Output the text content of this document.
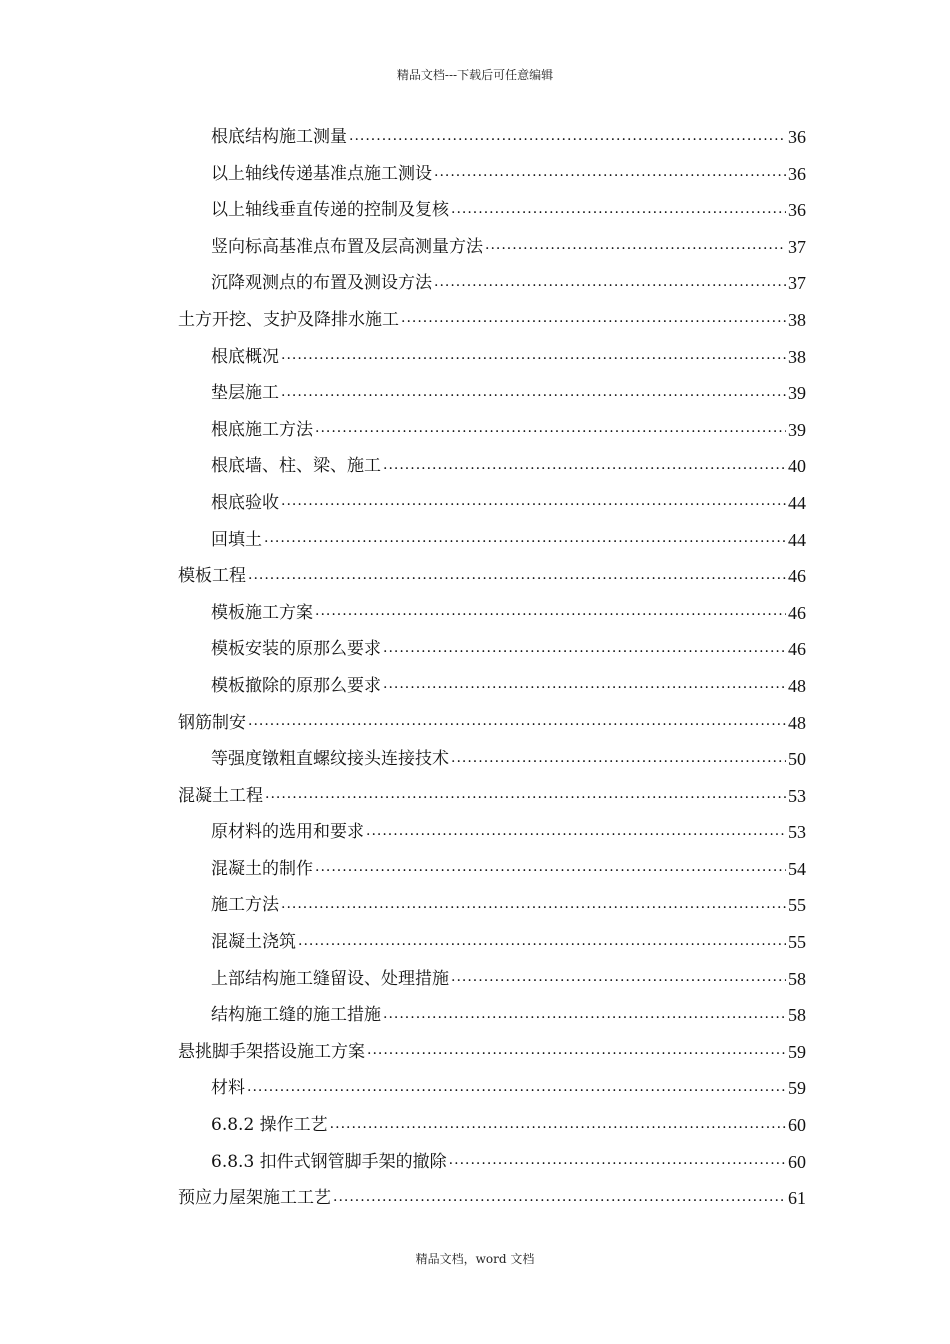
精品文档---下载后可任意编辑
根底结构施工测量 .....	36
以上轴线传递基准点施工测设 .....	36
以上轴线垂直传递的控制及复核 .....	36
竖向标高基准点布置及层高测量方法 .....	37
沉降观测点的布置及测设方法 .....	37
土方开挖、支护及降排水施工 .....	38
根底概况 .....	38
垫层施工 .....	39
根底施工方法 .....	39
根底墙、柱、梁、施工 .....	40
根底验收 .....	44
回填土 .....	44
模板工程 .....	46
模板施工方案 .....	46
模板安装的原那么要求 .....	46
模板撤除的原那么要求 .....	48
钢筋制安 .....	48
等强度镦粗直螺纹接头连接技术 .....	50
混凝土工程 .....	53
原材料的选用和要求 .....	53
混凝土的制作 .....	54
施工方法 .....	55
混凝土浇筑 .....	55
上部结构施工缝留设、处理措施 .....	58
结构施工缝的施工措施 .....	58
悬挑脚手架搭设施工方案 .....	59
材料 .....	59
6.8.2 操作工艺 .....	60
6.8.3 扣件式钢管脚手架的撤除 .....	60
预应力屋架施工工艺 .....	61
精品文档，word 文档
